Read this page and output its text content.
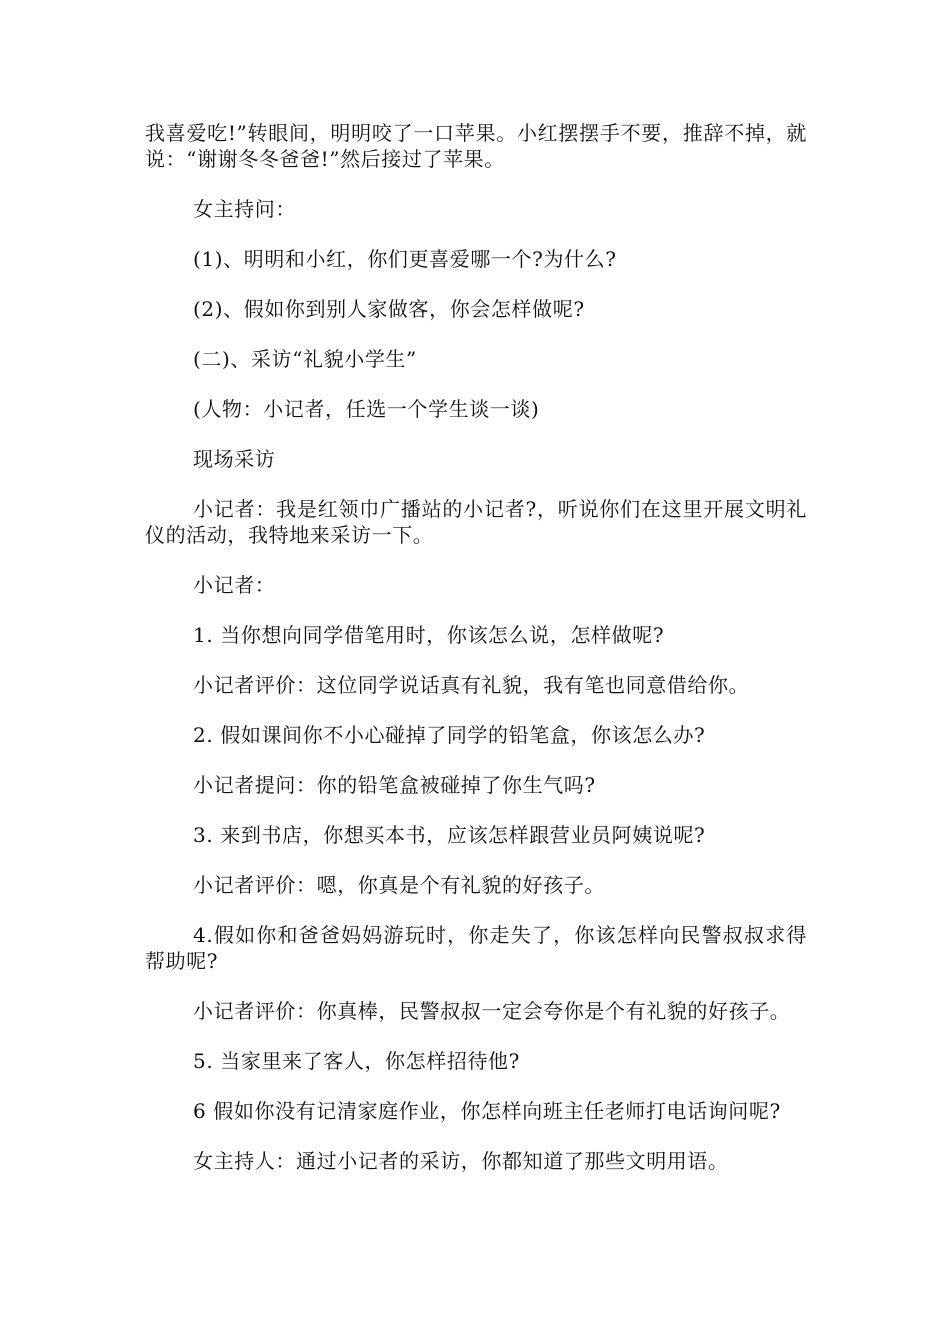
我喜爱吃!”转眼间，明明咬了一口苹果。小红摆摆手不要，推辞不掉，就说：“谢谢冬冬爸爸!”然后接过了苹果。

女主持问：

(1)、明明和小红，你们更喜爱哪一个?为什么?

(2)、假如你到别人家做客，你会怎样做呢?

(二)、采访“礼貌小学生”

(人物：小记者，任选一个学生谈一谈)

现场采访

小记者：我是红领巾广播站的小记者?，听说你们在这里开展文明礼仪的活动，我特地来采访一下。

小记者：

1. 当你想向同学借笔用时，你该怎么说，怎样做呢?

小记者评价：这位同学说话真有礼貌，我有笔也同意借给你。

2. 假如课间你不小心碰掉了同学的铅笔盒，你该怎么办?

小记者提问：你的铅笔盒被碰掉了你生气吗?

3. 来到书店，你想买本书，应该怎样跟营业员阿姨说呢?

小记者评价：嗯，你真是个有礼貌的好孩子。

4.假如你和爸爸妈妈游玩时，你走失了，你该怎样向民警叔叔求得帮助呢?

小记者评价：你真棒，民警叔叔一定会夸你是个有礼貌的好孩子。

5. 当家里来了客人，你怎样招待他?

6 假如你没有记清家庭作业，你怎样向班主任老师打电话询问呢?

女主持人：通过小记者的采访，你都知道了那些文明用语。
